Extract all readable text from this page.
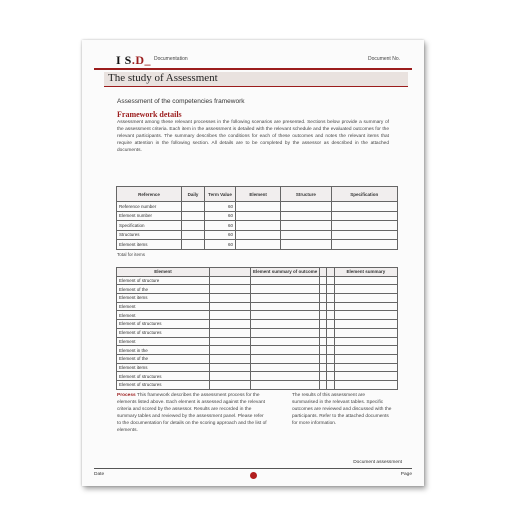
I S.D_ Documentation	Document No.
The study of Assessment
Assessment of the competencies framework
Framework details
Assessment among these relevant processes in the following scenarios are presented. Sections below provide a summary of the assessment criteria. Each item in the assessment is detailed with the relevant schedule and the evaluated outcomes for the relevant participants. The summary describes the conditions for each of these outcomes and notes the relevant items that require attention in the following section. All details are to be completed by the assessor as described in the attached documents.
Reference	Daily	Term Value	Element	Structure	Specification
Reference number		60			
Element number		60			
Specification		60			
Structures		60			
Element items		60			
Total for items
Element		Element summary of outcome			Element summary
Element of structure					
Element of the					
Element items					
Element					
Element					
Element of structures					
Element of structures					
Element					
Element in the					
Element of the					
Element items					
Element of structures					
Element of structures					
Process This framework describes the assessment process for the elements listed above. Each element is assessed against the relevant criteria and scored by the assessor. Results are recorded in the summary tables and reviewed by the assessment panel. Please refer to the documentation for details on the scoring approach and the list of elements.
The results of this assessment are summarised in the relevant tables. Specific outcomes are reviewed and discussed with the participants. Refer to the attached documents for more information.
Document assessment
Date	Page
